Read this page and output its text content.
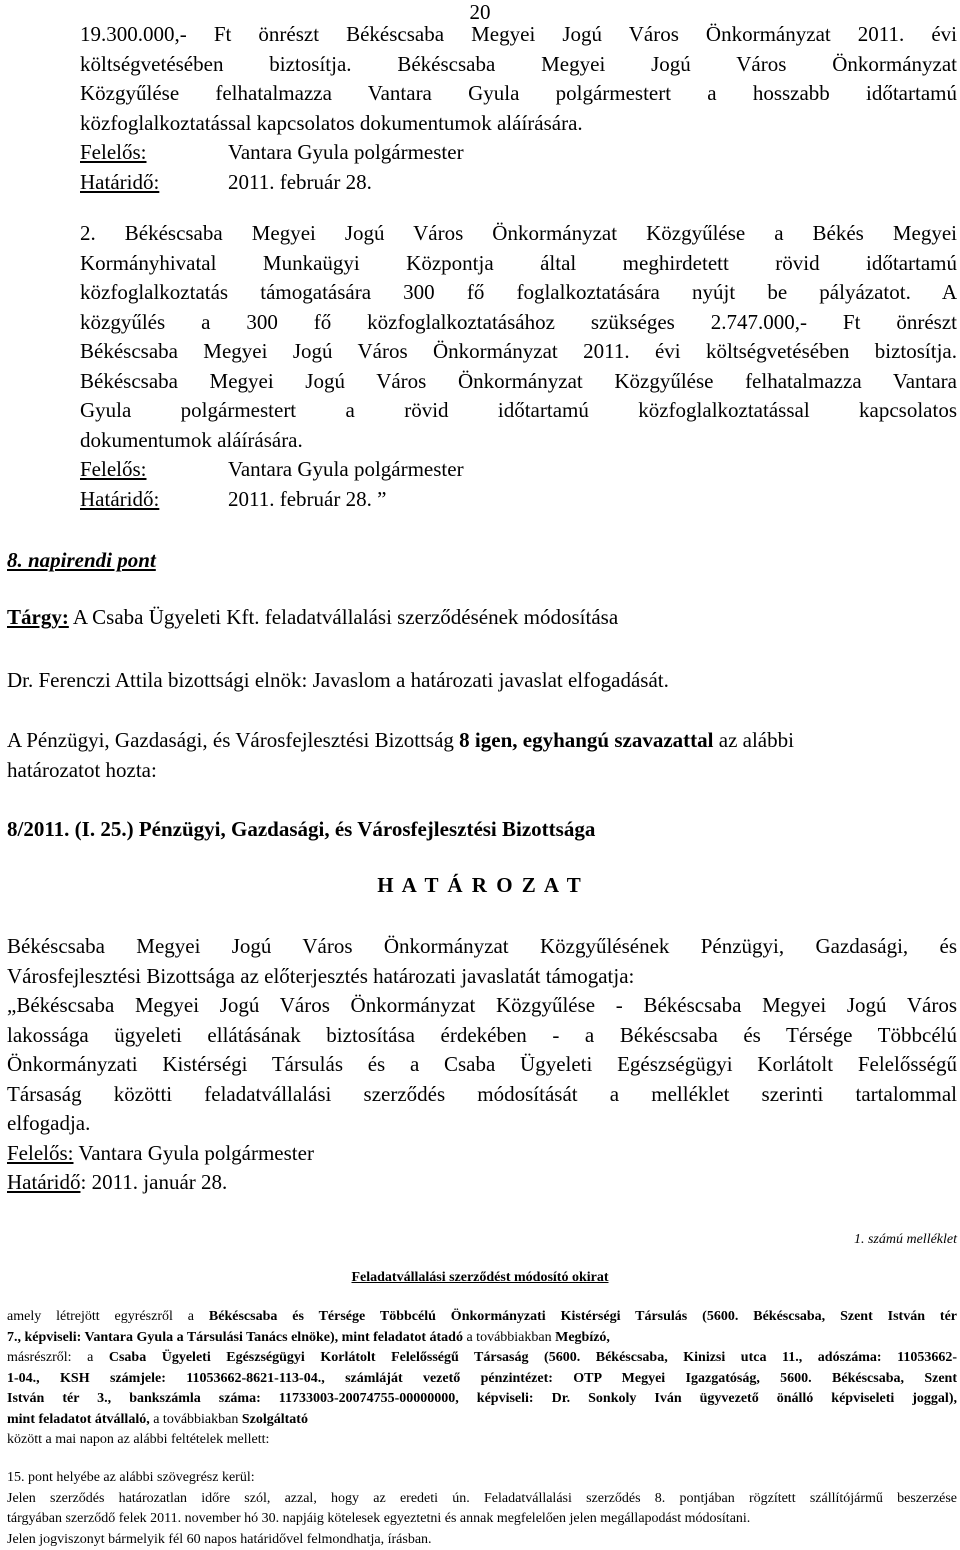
20
19.300.000,- Ft önrészt Békéscsaba Megyei Jogú Város Önkormányzat 2011. évi
költségvetésében biztosítja. Békéscsaba Megyei Jogú Város Önkormányzat
Közgyűlése felhatalmazza Vantara Gyula polgármestert a hosszabb időtartamú
közfoglalkoztatással kapcsolatos dokumentumok aláírására.
Felelős:	Vantara Gyula polgármester
Határidő:	2011. február 28.
2. Békéscsaba Megyei Jogú Város Önkormányzat Közgyűlése a Békés Megyei
Kormányhivatal Munkaügyi Központja által meghirdetett rövid időtartamú
közfoglalkoztatás támogatására 300 fő foglalkoztatására nyújt be pályázatot. A
közgyűlés a 300 fő közfoglalkoztatásához szükséges 2.747.000,- Ft önrészt
Békéscsaba Megyei Jogú Város Önkormányzat 2011. évi költségvetésében biztosítja.
Békéscsaba Megyei Jogú Város Önkormányzat Közgyűlése felhatalmazza Vantara
Gyula polgármestert a rövid időtartamú közfoglalkoztatással kapcsolatos
dokumentumok aláírására.
Felelős:	Vantara Gyula polgármester
Határidő:	2011. február 28. ”
8. napirendi pont
Tárgy: A Csaba Ügyeleti Kft. feladatvállalási szerződésének módosítása
Dr. Ferenczi Attila bizottsági elnök: Javaslom a határozati javaslat elfogadását.
A Pénzügyi, Gazdasági, és Városfejlesztési Bizottság 8 igen, egyhangú szavazattal az alábbi
határozatot hozta:
8/2011. (I. 25.) Pénzügyi, Gazdasági, és Városfejlesztési Bizottsága
H A T Á R O Z A T
Békéscsaba Megyei Jogú Város Önkormányzat Közgyűlésének Pénzügyi, Gazdasági, és
Városfejlesztési Bizottsága az előterjesztés határozati javaslatát támogatja:
„Békéscsaba Megyei Jogú Város Önkormányzat Közgyűlése - Békéscsaba Megyei Jogú Város
lakossága ügyeleti ellátásának biztosítása érdekében - a Békéscsaba és Térsége Többcélú
Önkormányzati Kistérségi Társulás és a Csaba Ügyeleti Egészségügyi Korlátolt Felelősségű
Társaság közötti feladatvállalási szerződés módosítását a melléklet szerinti tartalommal
elfogadja.
Felelős: Vantara Gyula polgármester
Határidő: 2011. január 28.
1. számú melléklet
Feladatvállalási szerződést módosító okirat
amely létrejött egyrészről a Békéscsaba és Térsége Többcélú Önkormányzati Kistérségi Társulás (5600. Békéscsaba, Szent István tér
7., képviseli: Vantara Gyula a Társulási Tanács elnöke), mint feladatot átadó a továbbiakban Megbízó,
másrészről: a Csaba Ügyeleti Egészségügyi Korlátolt Felelősségű Társaság (5600. Békéscsaba, Kinizsi utca 11., adószáma: 11053662-
1-04., KSH számjele: 11053662-8621-113-04., számláját vezető pénzintézet: OTP Megyei Igazgatóság, 5600. Békéscsaba, Szent
István tér 3., bankszámla száma: 11733003-20074755-00000000, képviseli: Dr. Sonkoly Iván ügyvezető önálló képviseleti joggal),
mint feladatot átvállaló, a továbbiakban Szolgáltató
között a mai napon az alábbi feltételek mellett:
15. pont helyébe az alábbi szövegrész kerül:
Jelen szerződés határozatlan időre szól, azzal, hogy az eredeti ún. Feladatvállalási szerződés 8. pontjában rögzített szállítójármű beszerzése
tárgyában szerződő felek 2011. november hó 30. napjáig kötelesek egyeztetni és annak megfelelően jelen megállapodást módosítani.
Jelen jogviszonyt bármelyik fél 60 napos határidővel felmondhatja, írásban.
